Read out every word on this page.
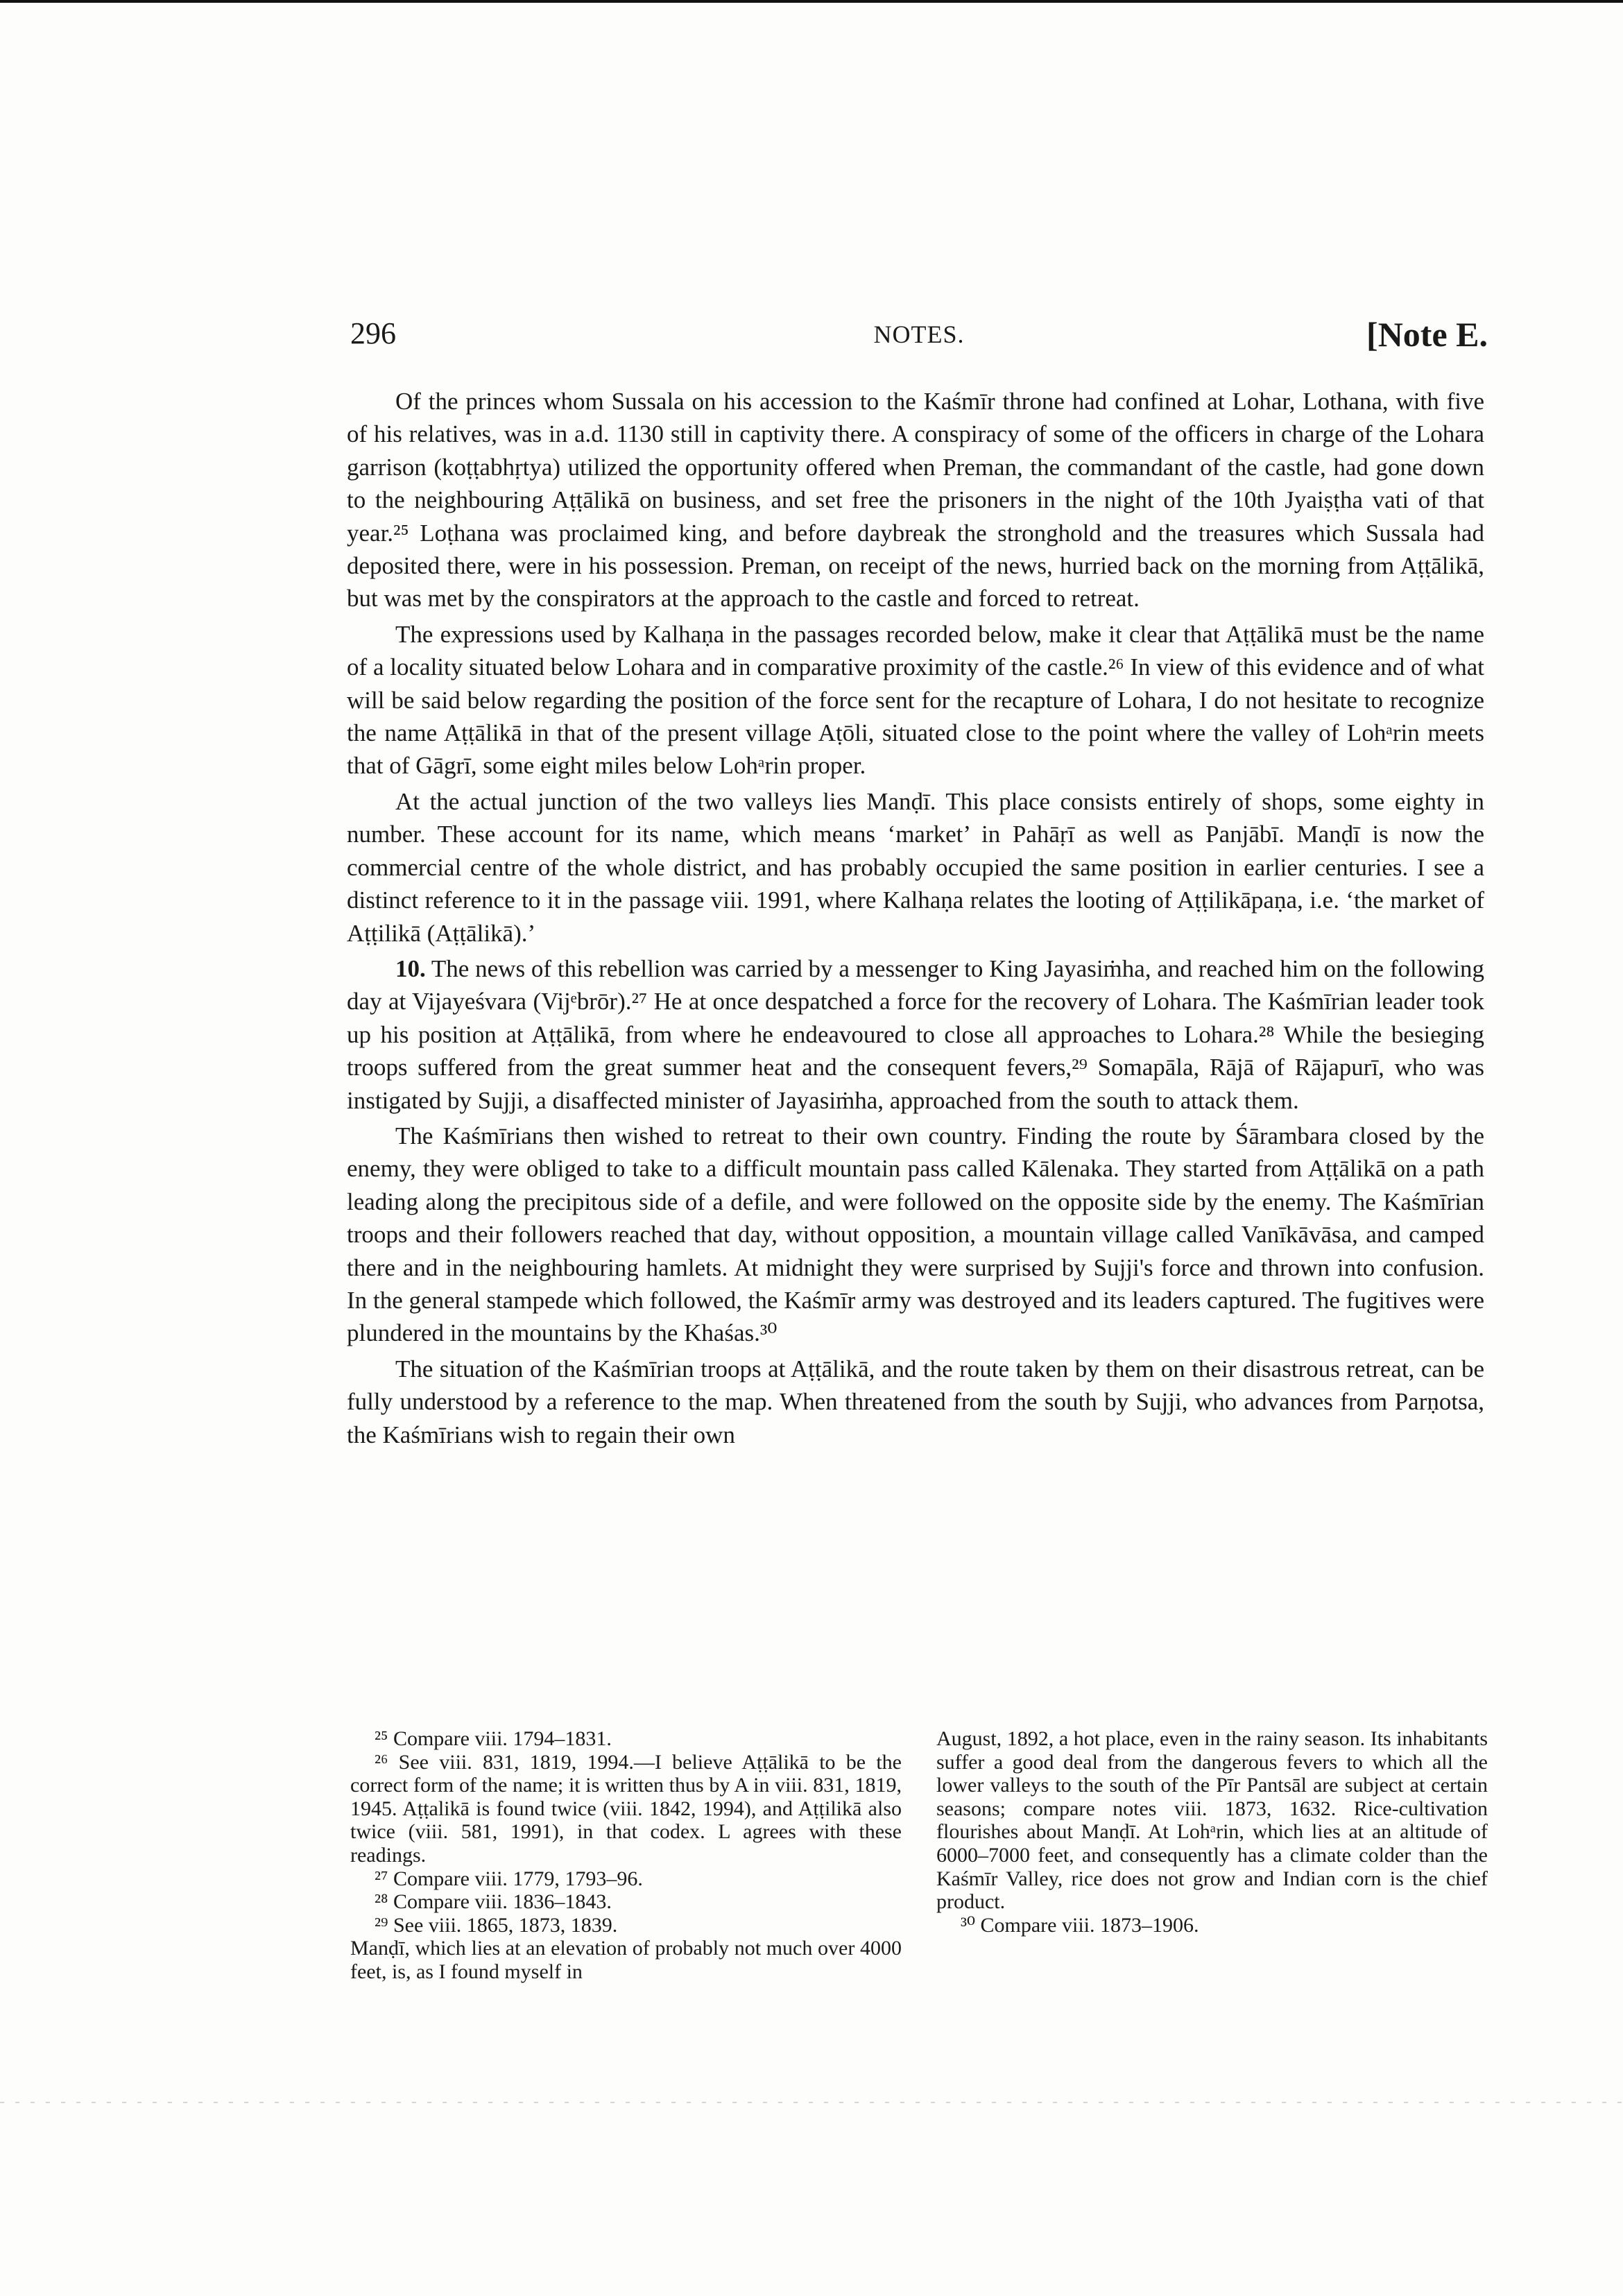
296	NOTES.	[Note E.

Of the princes whom Sussala on his accession to the Kaśmīr throne had confined at Lohar, Lothana, with five of his relatives, was in a.d. 1130 still in captivity there. A conspiracy of some of the officers in charge of the Lohara garrison (koṭṭabhṛtya) utilized the opportunity offered when Preman, the commandant of the castle, had gone down to the neighbouring Aṭṭālikā on business, and set free the prisoners in the night of the 10th Jyaiṣṭha vati of that year.²⁵ Loṭhana was proclaimed king, and before daybreak the stronghold and the treasures which Sussala had deposited there, were in his possession. Preman, on receipt of the news, hurried back on the morning from Aṭṭālikā, but was met by the conspirators at the approach to the castle and forced to retreat.

The expressions used by Kalhaṇa in the passages recorded below, make it clear that Aṭṭālikā must be the name of a locality situated below Lohara and in comparative proximity of the castle.²⁶ In view of this evidence and of what will be said below regarding the position of the force sent for the recapture of Lohara, I do not hesitate to recognize the name Aṭṭālikā in that of the present village Aṭōli, situated close to the point where the valley of Lohᵃrin meets that of Gāgrī, some eight miles below Lohᵃrin proper.

At the actual junction of the two valleys lies Manḍī. This place consists entirely of shops, some eighty in number. These account for its name, which means ‘market’ in Pahāṛī as well as Panjābī. Manḍī is now the commercial centre of the whole district, and has probably occupied the same position in earlier centuries. I see a distinct reference to it in the passage viii. 1991, where Kalhaṇa relates the looting of Aṭṭilikāpaṇa, i.e. ‘the market of Aṭṭilikā (Aṭṭālikā).’

10. The news of this rebellion was carried by a messenger to King Jayasiṁha, and reached him on the following day at Vijayeśvara (Vijᵉbrōr).²⁷ He at once despatched a force for the recovery of Lohara. The Kaśmīrian leader took up his position at Aṭṭālikā, from where he endeavoured to close all approaches to Lohara.²⁸ While the besieging troops suffered from the great summer heat and the consequent fevers,²⁹ Somapāla, Rājā of Rājapurī, who was instigated by Sujji, a disaffected minister of Jayasiṁha, approached from the south to attack them.

The Kaśmīrians then wished to retreat to their own country. Finding the route by Śārambara closed by the enemy, they were obliged to take to a difficult mountain pass called Kālenaka. They started from Aṭṭālikā on a path leading along the precipitous side of a defile, and were followed on the opposite side by the enemy. The Kaśmīrian troops and their followers reached that day, without opposition, a mountain village called Vanīkāvāsa, and camped there and in the neighbouring hamlets. At midnight they were surprised by Sujji's force and thrown into confusion. In the general stampede which followed, the Kaśmīr army was destroyed and its leaders captured. The fugitives were plundered in the mountains by the Khaśas.³⁰

The situation of the Kaśmīrian troops at Aṭṭālikā, and the route taken by them on their disastrous retreat, can be fully understood by a reference to the map. When threatened from the south by Sujji, who advances from Parṇotsa, the Kaśmīrians wish to regain their own

²⁵ Compare viii. 1794–1831.

²⁶ See viii. 831, 1819, 1994.—I believe Aṭṭālikā to be the correct form of the name; it is written thus by A in viii. 831, 1819, 1945. Aṭṭalikā is found twice (viii. 1842, 1994), and Aṭṭilikā also twice (viii. 581, 1991), in that codex. L agrees with these readings.

²⁷ Compare viii. 1779, 1793–96.

²⁸ Compare viii. 1836–1843.

²⁹ See viii. 1865, 1873, 1839.

Manḍī, which lies at an elevation of probably not much over 4000 feet, is, as I found myself in

August, 1892, a hot place, even in the rainy season. Its inhabitants suffer a good deal from the dangerous fevers to which all the lower valleys to the south of the Pīr Pantsāl are subject at certain seasons; compare notes viii. 1873, 1632. Rice-cultivation flourishes about Manḍī. At Lohᵃrin, which lies at an altitude of 6000–7000 feet, and consequently has a climate colder than the Kaśmīr Valley, rice does not grow and Indian corn is the chief product.

³⁰ Compare viii. 1873–1906.
